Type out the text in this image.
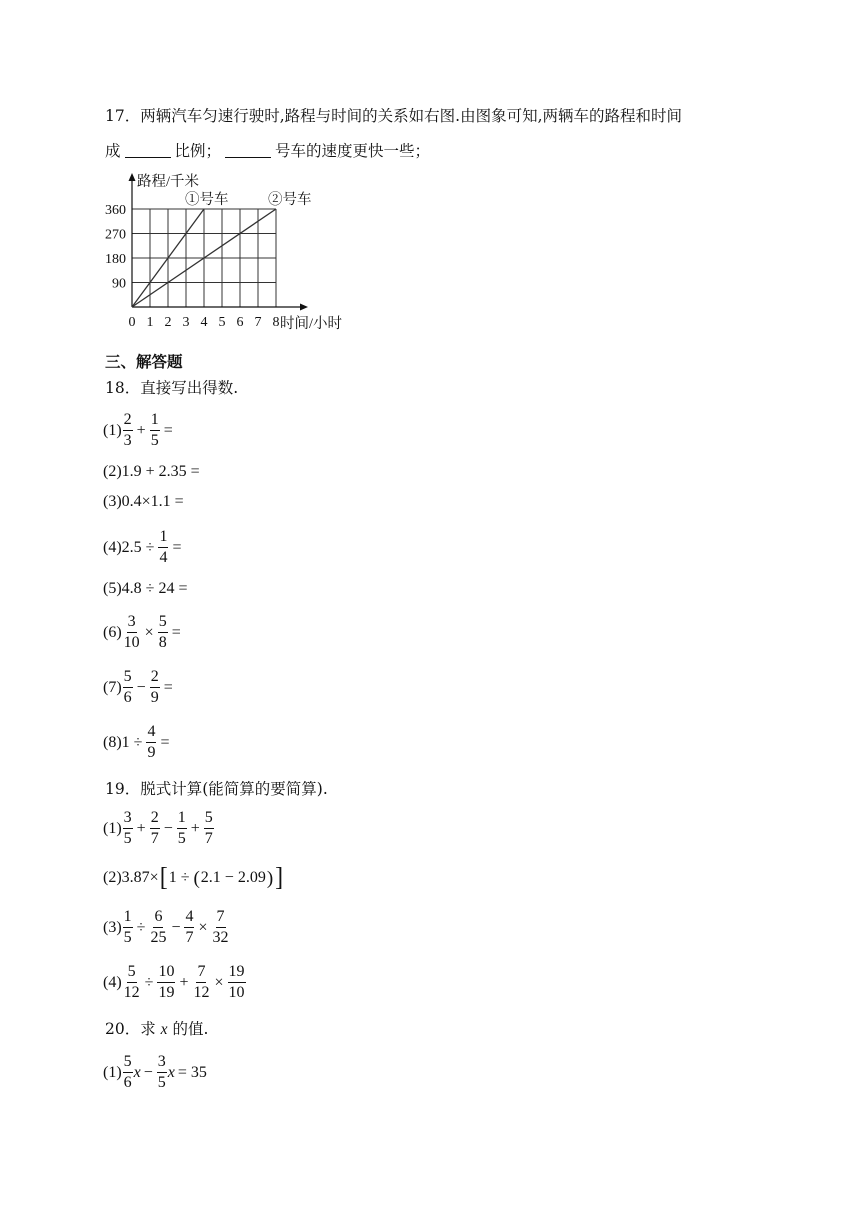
17．两辆汽车匀速行驶时,路程与时间的关系如右图.由图象可知,两辆车的路程和时间
成	比例；	号车的速度更快一些；
0 1 2 3 4 5 6 7 8
90
180
270
360
路程/千米
时间/小时
①号车	②号车
三、解答题
18．直接写出得数.
$(1) \frac{2}{3} + \frac{1}{5}$ =
(2)1.9 + 2.35 =
(3)0.4×1.1 =
$(4)2.5 \div \frac{1}{4}$ =
(5)4.8 ÷ 24 =
$(6) \frac{3}{10} \times \frac{5}{8}$ =
$(7) \frac{5}{6} - \frac{2}{9}$ =
$(8)1 \div \frac{4}{9}$ =
19．脱式计算(能简算的要简算).
$(1) \frac{3}{5} + \frac{2}{7} - \frac{1}{5} + \frac{5}{7}$
(2)3.87× [ 1 ÷ ( 2.1 − 2.09 ) ]
$(3) \frac{1}{5} \div \frac{6}{25} - \frac{4}{7} \times \frac{7}{32}$
$(4) \frac{5}{12} \div \frac{10}{19} + \frac{7}{12} \times \frac{19}{10}$
20．求 x 的值.
$(1) \frac{5}{6}$ $x - \frac{3}{5}$ x = 35
